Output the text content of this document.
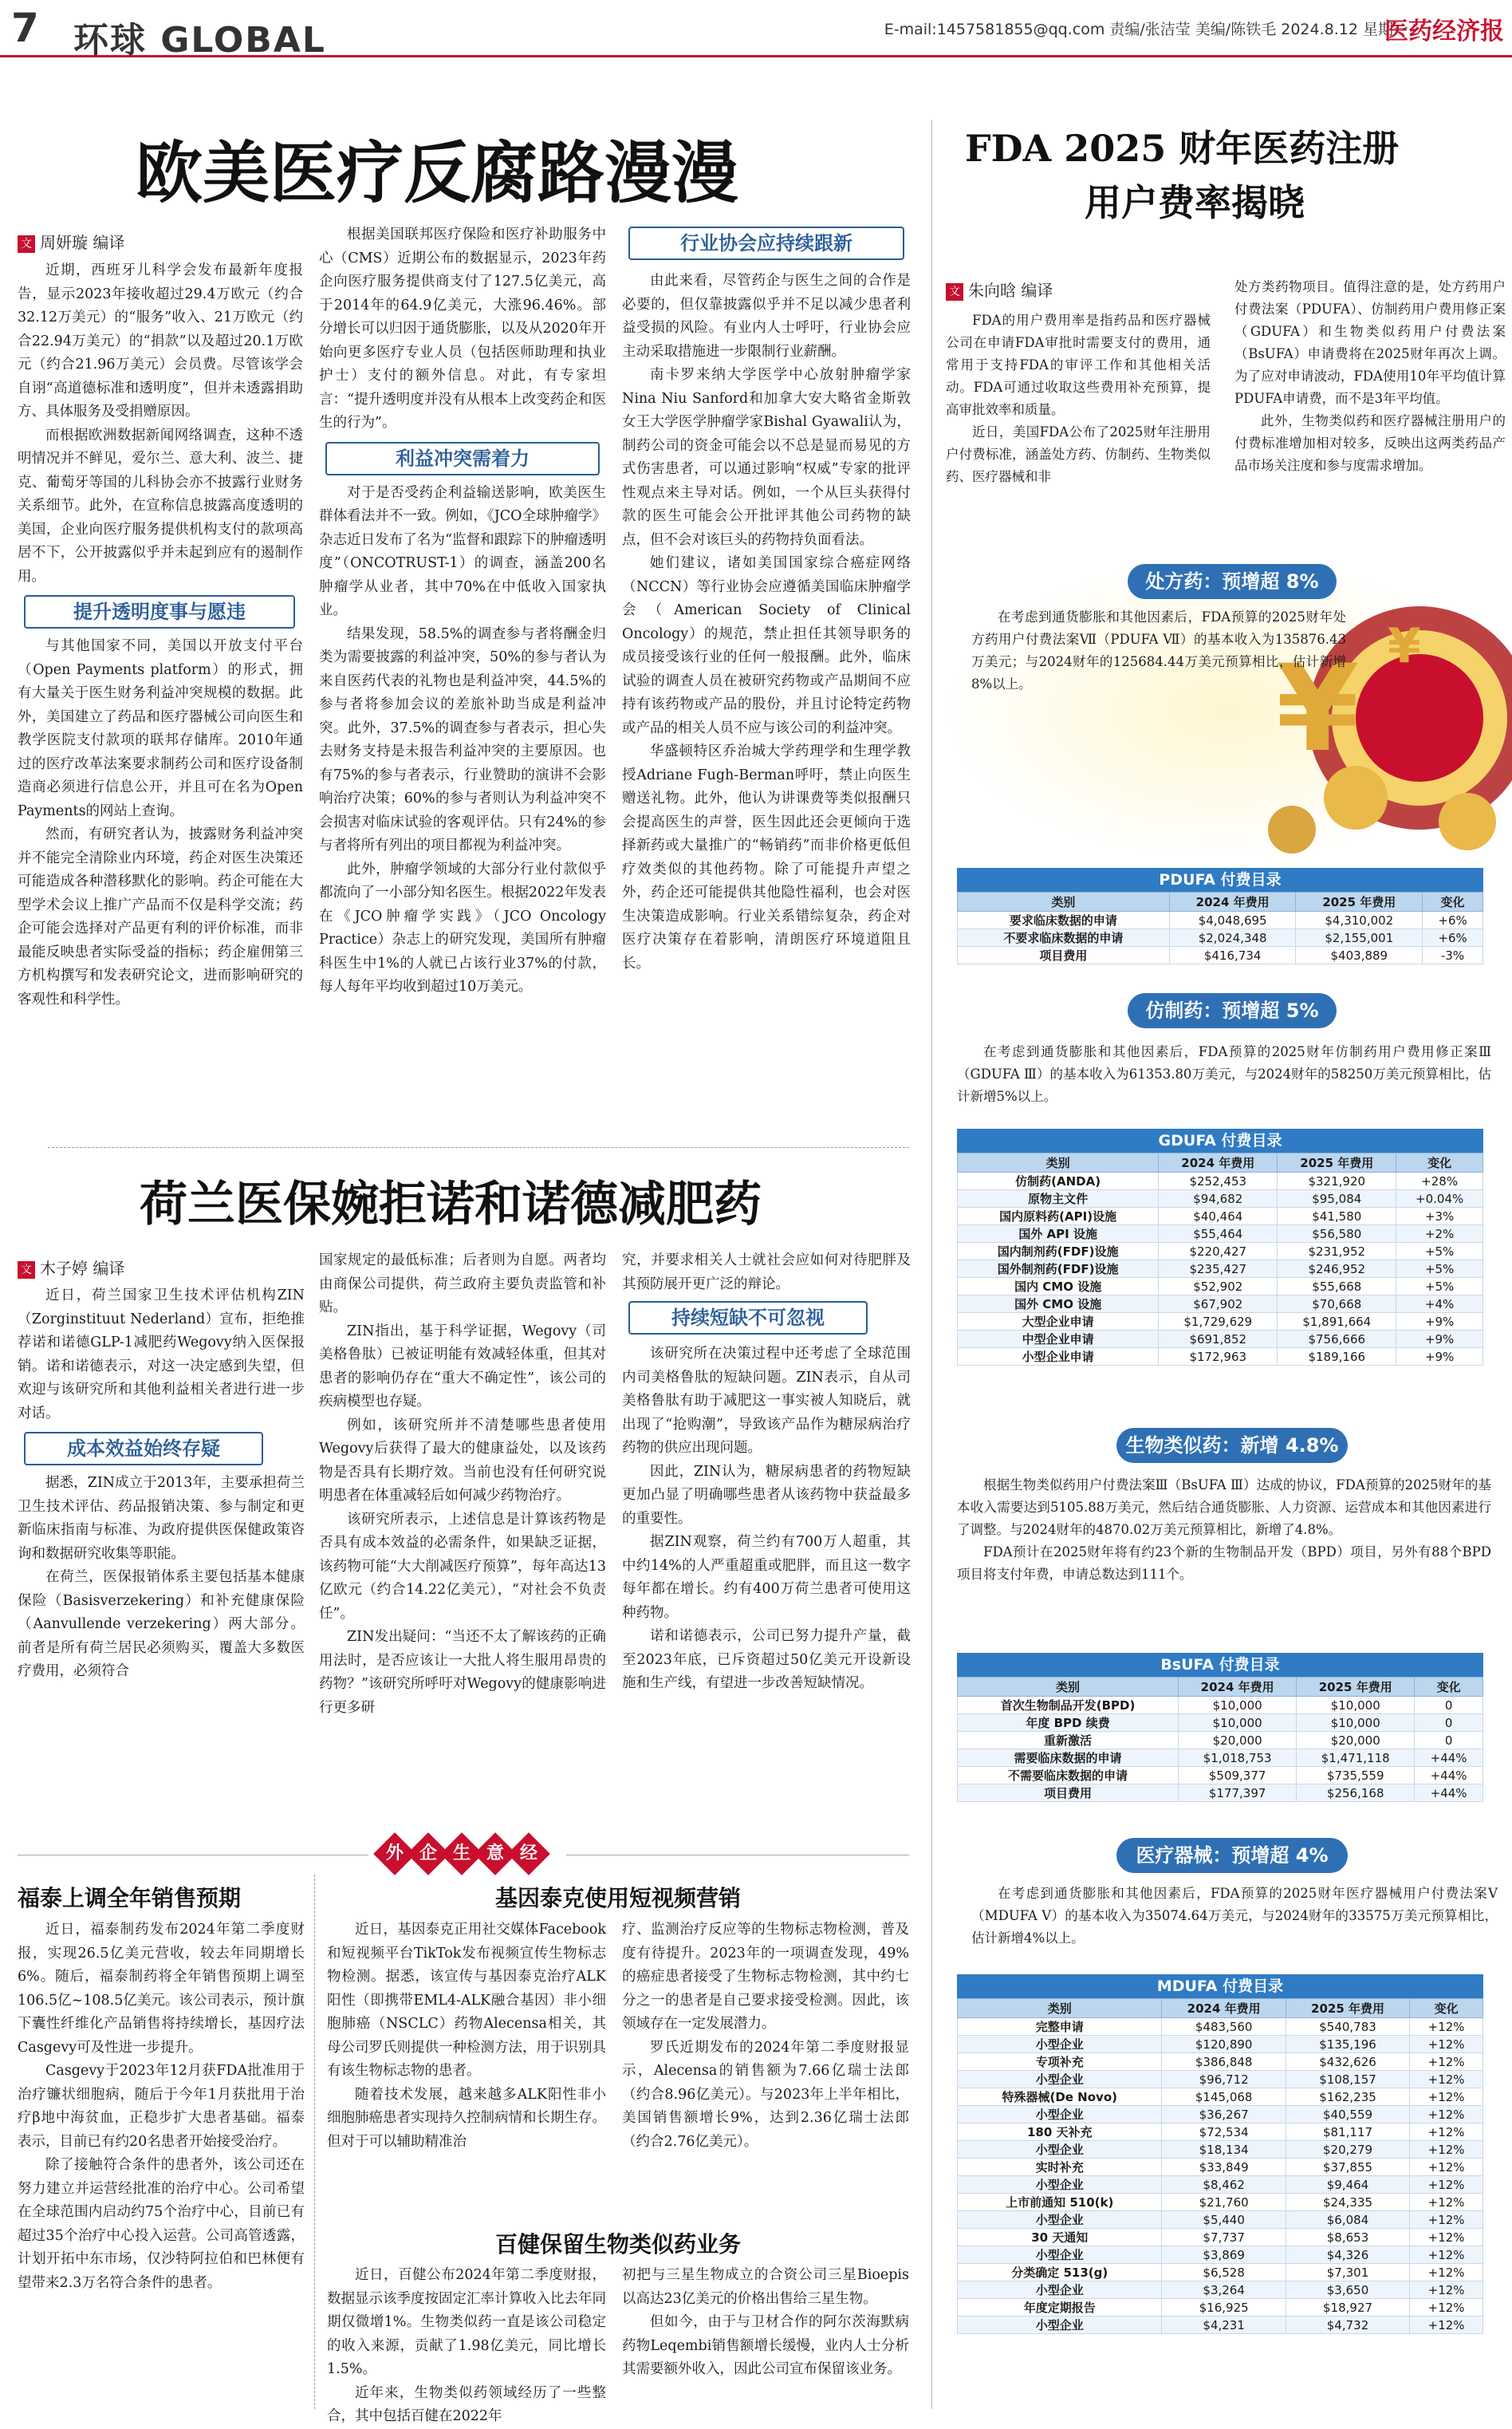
7 环球 GLOBAL	E-mail:1457581855@qq.com 责编/张洁莹 美编/陈铁毛 2024.8.12 星期一
医药经济报
欧美医疗反腐路漫漫
文 周妍璇 编译

近期，西班牙儿科学会发布最新年度报告，显示2023年接收超过29.4万欧元（约合32.12万美元）的“服务”收入、21万欧元（约合22.94万美元）的“捐款”以及超过20.1万欧元（约合21.96万美元）会员费。尽管该学会自诩“高道德标准和透明度”，但并未透露捐助方、具体服务及受捐赠原因。

而根据欧洲数据新闻网络调查，这种不透明情况并不鲜见，爱尔兰、意大利、波兰、捷克、葡萄牙等国的儿科协会亦不披露行业财务关系细节。此外，在宣称信息披露高度透明的美国，企业向医疗服务提供机构支付的款项高居不下，公开披露似乎并未起到应有的遏制作用。

提升透明度事与愿违

与其他国家不同，美国以开放支付平台（Open Payments platform）的形式，拥有大量关于医生财务利益冲突规模的数据。此外，美国建立了药品和医疗器械公司向医生和教学医院支付款项的联邦存储库。2010年通过的医疗改革法案要求制药公司和医疗设备制造商必须进行信息公开，并且可在名为Open Payments的网站上查询。

然而，有研究者认为，披露财务利益冲突并不能完全清除业内环境，药企对医生决策还可能造成各种潜移默化的影响。药企可能在大型学术会议上推广产品而不仅是科学交流；药企可能会选择对产品更有利的评价标准，而非最能反映患者实际受益的指标；药企雇佣第三方机构撰写和发表研究论文，进而影响研究的客观性和科学性。

根据美国联邦医疗保险和医疗补助服务中心（CMS）近期公布的数据显示，2023年药企向医疗服务提供商支付了127.5亿美元，高于2014年的64.9亿美元，大涨96.46%。部分增长可以归因于通货膨胀，以及从2020年开始向更多医疗专业人员（包括医师助理和执业护士）支付的额外信息。对此，有专家坦言：“提升透明度并没有从根本上改变药企和医生的行为”。

利益冲突需着力

对于是否受药企利益输送影响，欧美医生群体看法并不一致。例如，《JCO全球肿瘤学》杂志近日发布了名为“监督和跟踪下的肿瘤透明度”（ONCOTRUST-1）的调查，涵盖200名肿瘤学从业者，其中70%在中低收入国家执业。

结果发现，58.5%的调查参与者将酬金归类为需要披露的利益冲突，50%的参与者认为来自医药代表的礼物也是利益冲突，44.5%的参与者将参加会议的差旅补助当成是利益冲突。此外，37.5%的调查参与者表示，担心失去财务支持是未报告利益冲突的主要原因。也有75%的参与者表示，行业赞助的演讲不会影响治疗决策；60%的参与者则认为利益冲突不会损害对临床试验的客观评估。只有24%的参与者将所有列出的项目都视为利益冲突。

此外，肿瘤学领域的大部分行业付款似乎都流向了一小部分知名医生。根据2022年发表在《JCO肿瘤学实践》（JCO Oncology Practice）杂志上的研究发现，美国所有肿瘤科医生中1%的人就已占该行业37%的付款，每人每年平均收到超过10万美元。

行业协会应持续跟新

由此来看，尽管药企与医生之间的合作是必要的，但仅靠披露似乎并不足以减少患者利益受损的风险。有业内人士呼吁，行业协会应主动采取措施进一步限制行业薪酬。

南卡罗来纳大学医学中心放射肿瘤学家Nina Niu Sanford和加拿大安大略省金斯敦女王大学医学肿瘤学家Bishal Gyawali认为，制药公司的资金可能会以不总是显而易见的方式伤害患者，可以通过影响“权威”专家的批评性观点来主导对话。例如，一个从巨头获得付款的医生可能会公开批评其他公司药物的缺点，但不会对该巨头的药物持负面看法。

她们建议，诸如美国国家综合癌症网络（NCCN）等行业协会应遵循美国临床肿瘤学会（American Society of Clinical Oncology）的规范，禁止担任其领导职务的成员接受该行业的任何一般报酬。此外，临床试验的调查人员在被研究药物或产品期间不应持有该药物或产品的股份，并且讨论特定药物或产品的相关人员不应与该公司的利益冲突。

华盛顿特区乔治城大学药理学和生理学教授Adriane Fugh-Berman呼吁，禁止向医生赠送礼物。此外，他认为讲课费等类似报酬只会提高医生的声誉，医生因此还会更倾向于选择新药或大量推广的“畅销药”而非价格更低但疗效类似的其他药物。除了可能提升声望之外，药企还可能提供其他隐性福利，也会对医生决策造成影响。行业关系错综复杂，药企对医疗决策存在着影响，清朗医疗环境道阻且长。

荷兰医保婉拒诺和诺德减肥药
文 木子婷 编译

近日，荷兰国家卫生技术评估机构ZIN（Zorginstituut Nederland）宣布，拒绝推荐诺和诺德GLP-1减肥药Wegovy纳入医保报销。诺和诺德表示，对这一决定感到失望，但欢迎与该研究所和其他利益相关者进行进一步对话。

成本效益始终存疑

据悉，ZIN成立于2013年，主要承担荷兰卫生技术评估、药品报销决策、参与制定和更新临床指南与标准、为政府提供医保健政策咨询和数据研究收集等职能。

在荷兰，医保报销体系主要包括基本健康保险（Basisverzekering）和补充健康保险（Aanvullende verzekering）两大部分。前者是所有荷兰居民必须购买，覆盖大多数医疗费用，必须符合

国家规定的最低标准；后者则为自愿。两者均由商保公司提供，荷兰政府主要负责监管和补贴。

ZIN指出，基于科学证据，Wegovy（司美格鲁肽）已被证明能有效减轻体重，但其对患者的影响仍存在“重大不确定性”，该公司的疾病模型也存疑。

例如，该研究所并不清楚哪些患者使用Wegovy后获得了最大的健康益处，以及该药物是否具有长期疗效。当前也没有任何研究说明患者在体重减轻后如何减少药物治疗。

该研究所表示，上述信息是计算该药物是否具有成本效益的必需条件，如果缺乏证据，该药物可能“大大削减医疗预算”，每年高达13亿欧元（约合14.22亿美元），“对社会不负责任”。

ZIN发出疑问：“当还不太了解该药的正确用法时，是否应该让一大批人将生服用昂贵的药物？”该研究所呼吁对Wegovy的健康影响进行更多研

究，并要求相关人士就社会应如何对待肥胖及其预防展开更广泛的辩论。

持续短缺不可忽视

该研究所在决策过程中还考虑了全球范围内司美格鲁肽的短缺问题。ZIN表示，自从司美格鲁肽有助于减肥这一事实被人知晓后，就出现了“抢购潮”，导致该产品作为糖尿病治疗药物的供应出现问题。

因此，ZIN认为，糖尿病患者的药物短缺更加凸显了明确哪些患者从该药物中获益最多的重要性。

据ZIN观察，荷兰约有700万人超重，其中约14%的人严重超重或肥胖，而且这一数字每年都在增长。约有400万荷兰患者可使用这种药物。

诺和诺德表示，公司已努力提升产量，截至2023年底，已斥资超过50亿美元开设新设施和生产线，有望进一步改善短缺情况。

外 企 生 意 经
福泰上调全年销售预期

近日，福泰制药发布2024年第二季度财报，实现26.5亿美元营收，较去年同期增长6%。随后，福泰制药将全年销售预期上调至106.5亿~108.5亿美元。该公司表示，预计旗下囊性纤维化产品销售将持续增长，基因疗法Casgevy可及性进一步提升。

Casgevy于2023年12月获FDA批准用于治疗镰状细胞病，随后于今年1月获批用于治疗β地中海贫血，正稳步扩大患者基础。福泰表示，目前已有约20名患者开始接受治疗。

除了接触符合条件的患者外，该公司还在努力建立并运营经批准的治疗中心。公司希望在全球范围内启动约75个治疗中心，目前已有超过35个治疗中心投入运营。公司高管透露，计划开拓中东市场，仅沙特阿拉伯和巴林便有望带来2.3万名符合条件的患者。

基因泰克使用短视频营销

近日，基因泰克正用社交媒体Facebook和短视频平台TikTok发布视频宣传生物标志物检测。据悉，该宣传与基因泰克治疗ALK阳性（即携带EML4-ALK融合基因）非小细胞肺癌（NSCLC）药物Alecensa相关，其母公司罗氏则提供一种检测方法，用于识别具有该生物标志物的患者。

随着技术发展，越来越多ALK阳性非小细胞肺癌患者实现持久控制病情和长期生存。但对于可以辅助精准治

疗、监测治疗反应等的生物标志物检测，普及度有待提升。2023年的一项调查发现，49%的癌症患者接受了生物标志物检测，其中约七分之一的患者是自己要求接受检测。因此，该领域存在一定发展潜力。

罗氏近期发布的2024年第二季度财报显示，Alecensa的销售额为7.66亿瑞士法郎（约合8.96亿美元）。与2023年上半年相比，美国销售额增长9%，达到2.36亿瑞士法郎（约合2.76亿美元）。

百健保留生物类似药业务

近日，百健公布2024年第二季度财报，数据显示该季度按固定汇率计算收入比去年同期仅微增1%。生物类似药一直是该公司稳定的收入来源，贡献了1.98亿美元，同比增长1.5%。

近年来，生物类似药领域经历了一些整合，其中包括百健在2022年

初把与三星生物成立的合资公司三星Bioepis以高达23亿美元的价格出售给三星生物。

但如今，由于与卫材合作的阿尔茨海默病药物Leqembi销售额增长缓慢，业内人士分析其需要额外收入，因此公司宣布保留该业务。

FDA 2025 财年医药注册
用户费率揭晓
文 朱向晗 编译

FDA的用户费用率是指药品和医疗器械公司在申请FDA审批时需要支付的费用，通常用于支持FDA的审评工作和其他相关活动。FDA可通过收取这些费用补充预算，提高审批效率和质量。

近日，美国FDA公布了2025财年注册用户付费标准，涵盖处方药、仿制药、生物类似药、医疗器械和非

处方类药物项目。值得注意的是，处方药用户付费法案（PDUFA）、仿制药用户费用修正案（GDUFA）和生物类似药用户付费法案（BsUFA）申请费将在2025财年再次上调。为了应对申请波动，FDA使用10年平均值计算PDUFA申请费，而不是3年平均值。

此外，生物类似药和医疗器械注册用户的付费标准增加相对较多，反映出这两类药品产品市场关注度和参与度需求增加。

¥ ¥
处方药：预增超 8%

在考虑到通货膨胀和其他因素后，FDA预算的2025财年处方药用户付费法案Ⅶ（PDUFA Ⅶ）的基本收入为135876.43万美元；与2024财年的125684.44万美元预算相比，估计新增8%以上。

PDUFA 付费目录
类别	2024 年费用	2025 年费用	变化
要求临床数据的申请	$4,048,695	$4,310,002	+6%
不要求临床数据的申请	$2,024,348	$2,155,001	+6%
项目费用	$416,734	$403,889	-3%
仿制药：预增超 5%

在考虑到通货膨胀和其他因素后，FDA预算的2025财年仿制药用户费用修正案Ⅲ（GDUFA Ⅲ）的基本收入为61353.80万美元，与2024财年的58250万美元预算相比，估计新增5%以上。

GDUFA 付费目录
类别	2024 年费用	2025 年费用	变化
仿制药(ANDA)	$252,453	$321,920	+28%
原物主文件	$94,682	$95,084	+0.04%
国内原料药(API)设施	$40,464	$41,580	+3%
国外 API 设施	$55,464	$56,580	+2%
国内制剂药(FDF)设施	$220,427	$231,952	+5%
国外制剂药(FDF)设施	$235,427	$246,952	+5%
国内 CMO 设施	$52,902	$55,668	+5%
国外 CMO 设施	$67,902	$70,668	+4%
大型企业申请	$1,729,629	$1,891,664	+9%
中型企业申请	$691,852	$756,666	+9%
小型企业申请	$172,963	$189,166	+9%
生物类似药：新增 4.8%

根据生物类似药用户付费法案Ⅲ（BsUFA Ⅲ）达成的协议，FDA预算的2025财年的基本收入需要达到5105.88万美元，然后结合通货膨胀、人力资源、运营成本和其他因素进行了调整。与2024财年的4870.02万美元预算相比，新增了4.8%。

FDA预计在2025财年将有约23个新的生物制品开发（BPD）项目，另外有88个BPD项目将支付年费，申请总数达到111个。

BsUFA 付费目录
类别	2024 年费用	2025 年费用	变化
首次生物制品开发(BPD)	$10,000	$10,000	0
年度 BPD 续费	$10,000	$10,000	0
重新激活	$20,000	$20,000	0
需要临床数据的申请	$1,018,753	$1,471,118	+44%
不需要临床数据的申请	$509,377	$735,559	+44%
项目费用	$177,397	$256,168	+44%
医疗器械：预增超 4%

在考虑到通货膨胀和其他因素后，FDA预算的2025财年医疗器械用户付费法案Ⅴ（MDUFA Ⅴ）的基本收入为35074.64万美元，与2024财年的33575万美元预算相比，估计新增4%以上。

MDUFA 付费目录
类别	2024 年费用	2025 年费用	变化
完整申请	$483,560	$540,783	+12%
小型企业	$120,890	$135,196	+12%
专项补充	$386,848	$432,626	+12%
小型企业	$96,712	$108,157	+12%
特殊器械(De Novo)	$145,068	$162,235	+12%
小型企业	$36,267	$40,559	+12%
180 天补充	$72,534	$81,117	+12%
小型企业	$18,134	$20,279	+12%
实时补充	$33,849	$37,855	+12%
小型企业	$8,462	$9,464	+12%
上市前通知 510(k)	$21,760	$24,335	+12%
小型企业	$5,440	$6,084	+12%
30 天通知	$7,737	$8,653	+12%
小型企业	$3,869	$4,326	+12%
分类确定 513(g)	$6,528	$7,301	+12%
小型企业	$3,264	$3,650	+12%
年度定期报告	$16,925	$18,927	+12%
小型企业	$4,231	$4,732	+12%
